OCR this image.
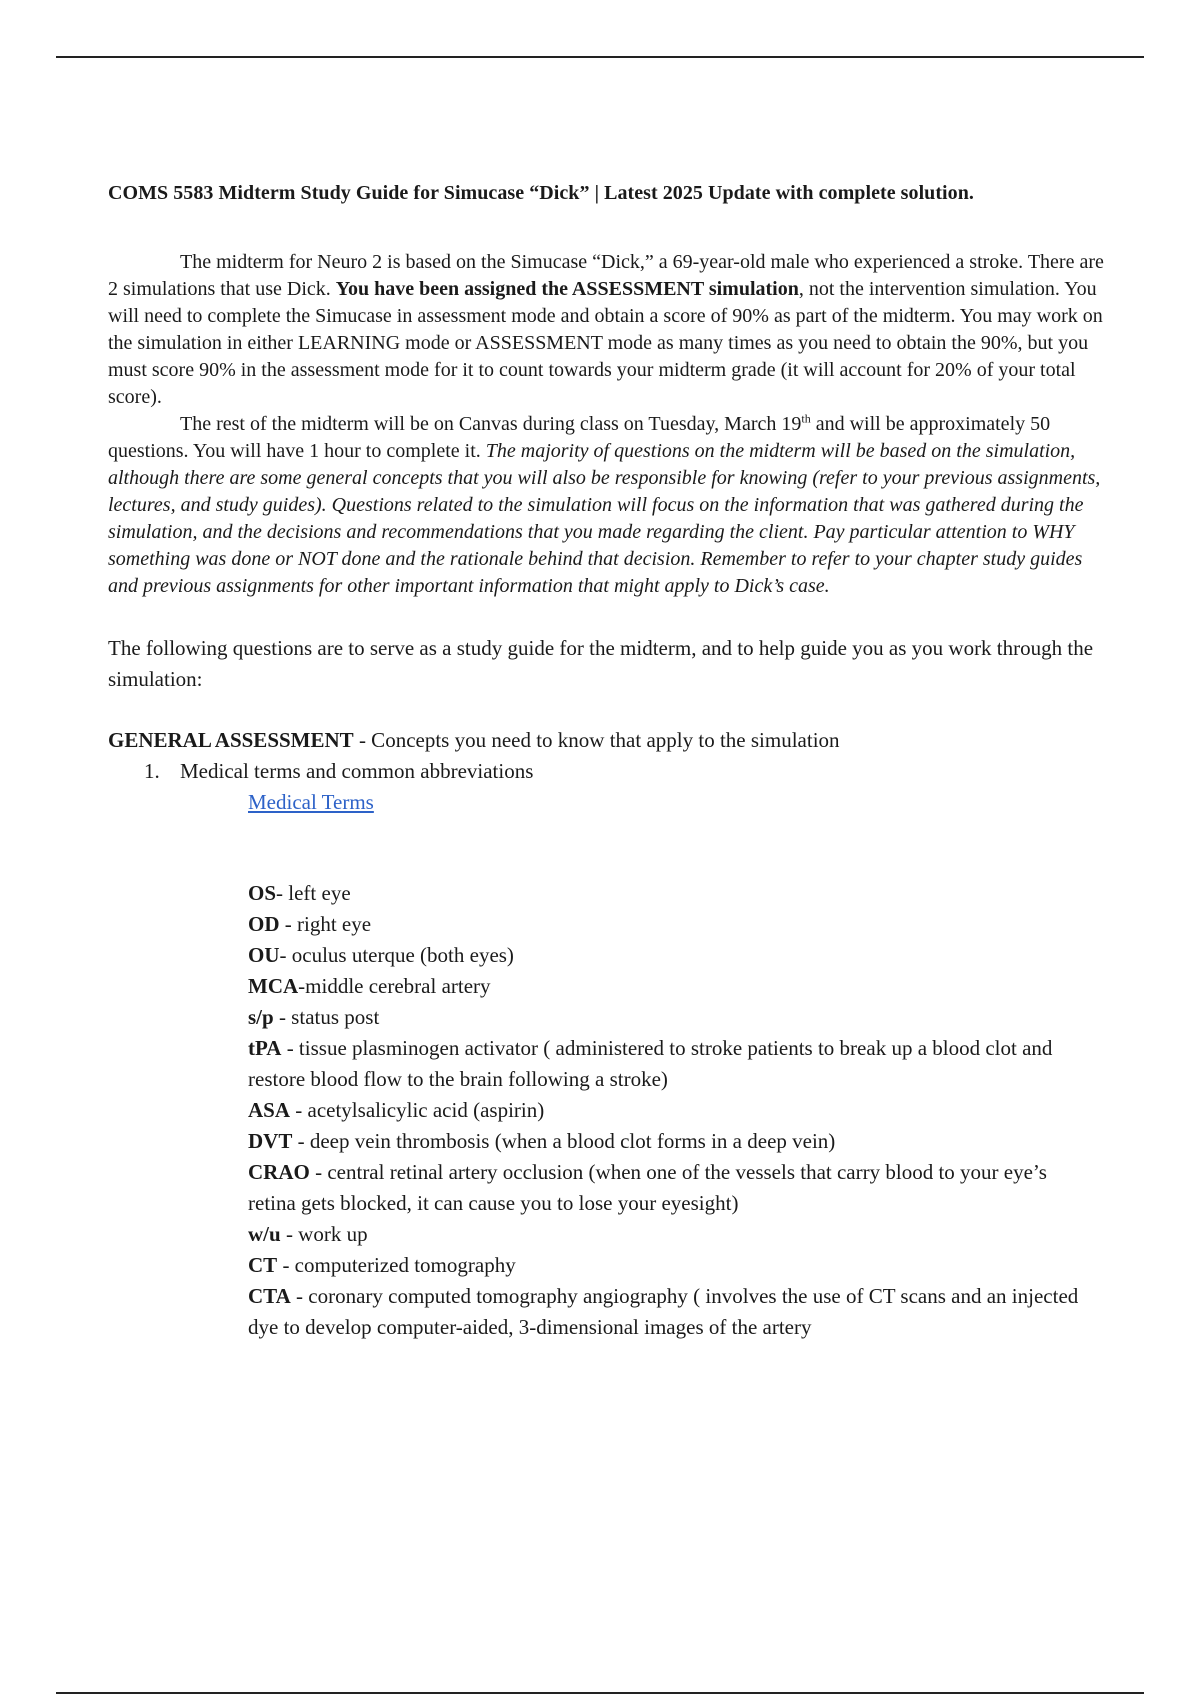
COMS 5583 Midterm Study Guide for Simucase “Dick” | Latest 2025 Update with complete solution.

The midterm for Neuro 2 is based on the Simucase “Dick,” a 69-year-old male who experienced a stroke. There are 2 simulations that use Dick. You have been assigned the ASSESSMENT simulation, not the intervention simulation. You will need to complete the Simucase in assessment mode and obtain a score of 90% as part of the midterm. You may work on the simulation in either LEARNING mode or ASSESSMENT mode as many times as you need to obtain the 90%, but you must score 90% in the assessment mode for it to count towards your midterm grade (it will account for 20% of your total score).

The rest of the midterm will be on Canvas during class on Tuesday, March 19th and will be approximately 50 questions. You will have 1 hour to complete it. The majority of questions on the midterm will be based on the simulation, although there are some general concepts that you will also be responsible for knowing (refer to your previous assignments, lectures, and study guides). Questions related to the simulation will focus on the information that was gathered during the simulation, and the decisions and recommendations that you made regarding the client. Pay particular attention to WHY something was done or NOT done and the rationale behind that decision. Remember to refer to your chapter study guides and previous assignments for other important information that might apply to Dick’s case.

The following questions are to serve as a study guide for the midterm, and to help guide you as you work through the simulation:

GENERAL ASSESSMENT - Concepts you need to know that apply to the simulation
1. Medical terms and common abbreviations
Medical Terms

OS- left eye

OD - right eye

OU- oculus uterque (both eyes)

MCA-middle cerebral artery

s/p - status post

tPA - tissue plasminogen activator ( administered to stroke patients to break up a blood clot and restore blood flow to the brain following a stroke)

ASA - acetylsalicylic acid (aspirin)

DVT - deep vein thrombosis (when a blood clot forms in a deep vein)

CRAO - central retinal artery occlusion (when one of the vessels that carry blood to your eye’s retina gets blocked, it can cause you to lose your eyesight)

w/u - work up

CT - computerized tomography

CTA - coronary computed tomography angiography ( involves the use of CT scans and an injected dye to develop computer-aided, 3-dimensional images of the artery
